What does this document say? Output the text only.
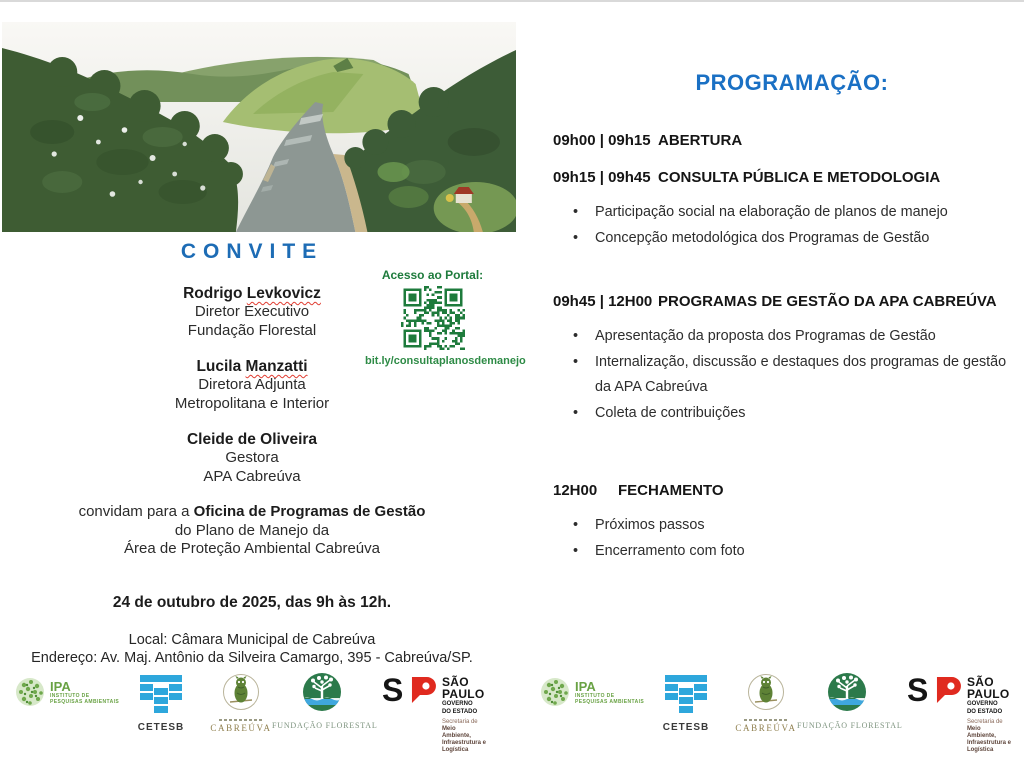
CONVITE
Rodrigo Levkovicz
Diretor Executivo
Fundação Florestal
Lucila Manzatti
Diretora Adjunta
Metropolitana e Interior
Cleide de Oliveira
Gestora
APA Cabreúva
convidam para a Oficina de Programas de Gestão
do Plano de Manejo da
Área de Proteção Ambiental Cabreúva
24 de outubro de 2025, das 9h às 12h.
Local: Câmara Municipal de Cabreúva
Endereço: Av. Maj. Antônio da Silveira Camargo, 395 - Cabreúva/SP.
Acesso ao Portal:
bit.ly/consultaplanosdemanejo
IPA
INSTITUTO DE
PESQUISAS AMBIENTAIS
CETESB	CABREÚVA FUNDAÇÃO FLORESTAL
S	SÃO
PAULO
GOVERNO
DO ESTADO
Secretaria de
Meio Ambiente,
Infraestrutura e
Logística
PROGRAMAÇÃO:
09h00 | 09h15 ABERTURA
09h15 | 09h45 CONSULTA PÚBLICA E METODOLOGIA
• Participação social na elaboração de planos de manejo
• Concepção metodológica dos Programas de Gestão
09h45 | 12H00 PROGRAMAS DE GESTÃO DA APA CABREÚVA
• Apresentação da proposta dos Programas de Gestão
• Internalização, discussão e destaques dos programas de gestão da APA Cabreúva
• Coleta de contribuições
12H00	FECHAMENTO
• Próximos passos
• Encerramento com foto
IPA
INSTITUTO DE
PESQUISAS AMBIENTAIS
CETESB	CABREÚVA FUNDAÇÃO FLORESTAL
S	SÃO
PAULO
GOVERNO
DO ESTADO
Secretaria de
Meio Ambiente,
Infraestrutura e
Logística
